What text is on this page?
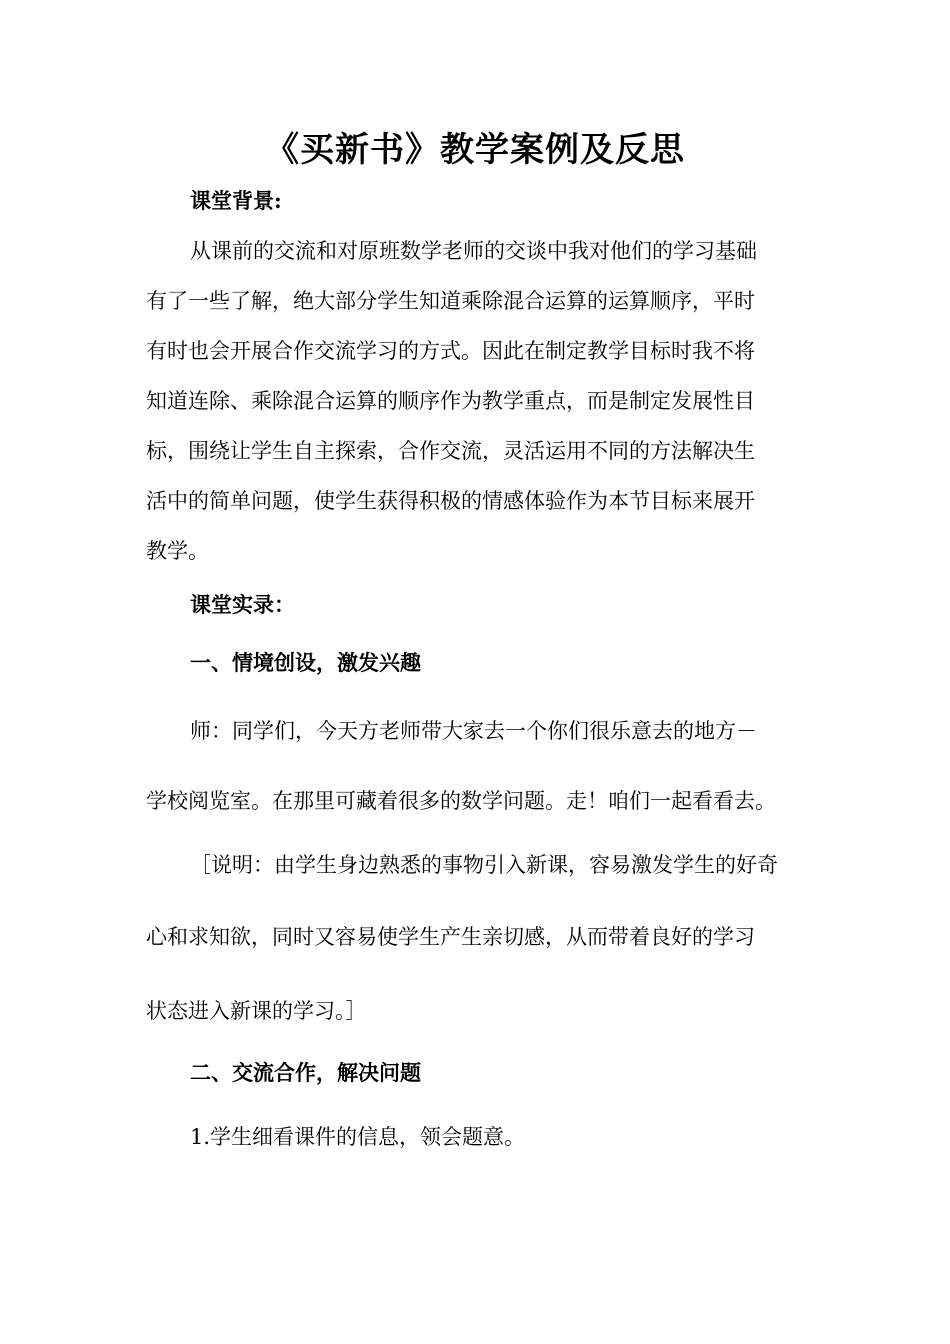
《买新书》教学案例及反思
课堂背景:
从课前的交流和对原班数学老师的交谈中我对他们的学习基础
有了一些了解，绝大部分学生知道乘除混合运算的运算顺序，平时
有时也会开展合作交流学习的方式。因此在制定教学目标时我不将
知道连除、乘除混合运算的顺序作为教学重点，而是制定发展性目
标，围绕让学生自主探索，合作交流，灵活运用不同的方法解决生
活中的简单问题，使学生获得积极的情感体验作为本节目标来展开
教学。
课堂实录：
一、情境创设，激发兴趣
师：同学们，今天方老师带大家去一个你们很乐意去的地方－
学校阅览室。在那里可藏着很多的数学问题。走！咱们一起看看去。
［说明：由学生身边熟悉的事物引入新课，容易激发学生的好奇
心和求知欲，同时又容易使学生产生亲切感，从而带着良好的学习
状态进入新课的学习。］
二、交流合作，解决问题
1.学生细看课件的信息，领会题意。
